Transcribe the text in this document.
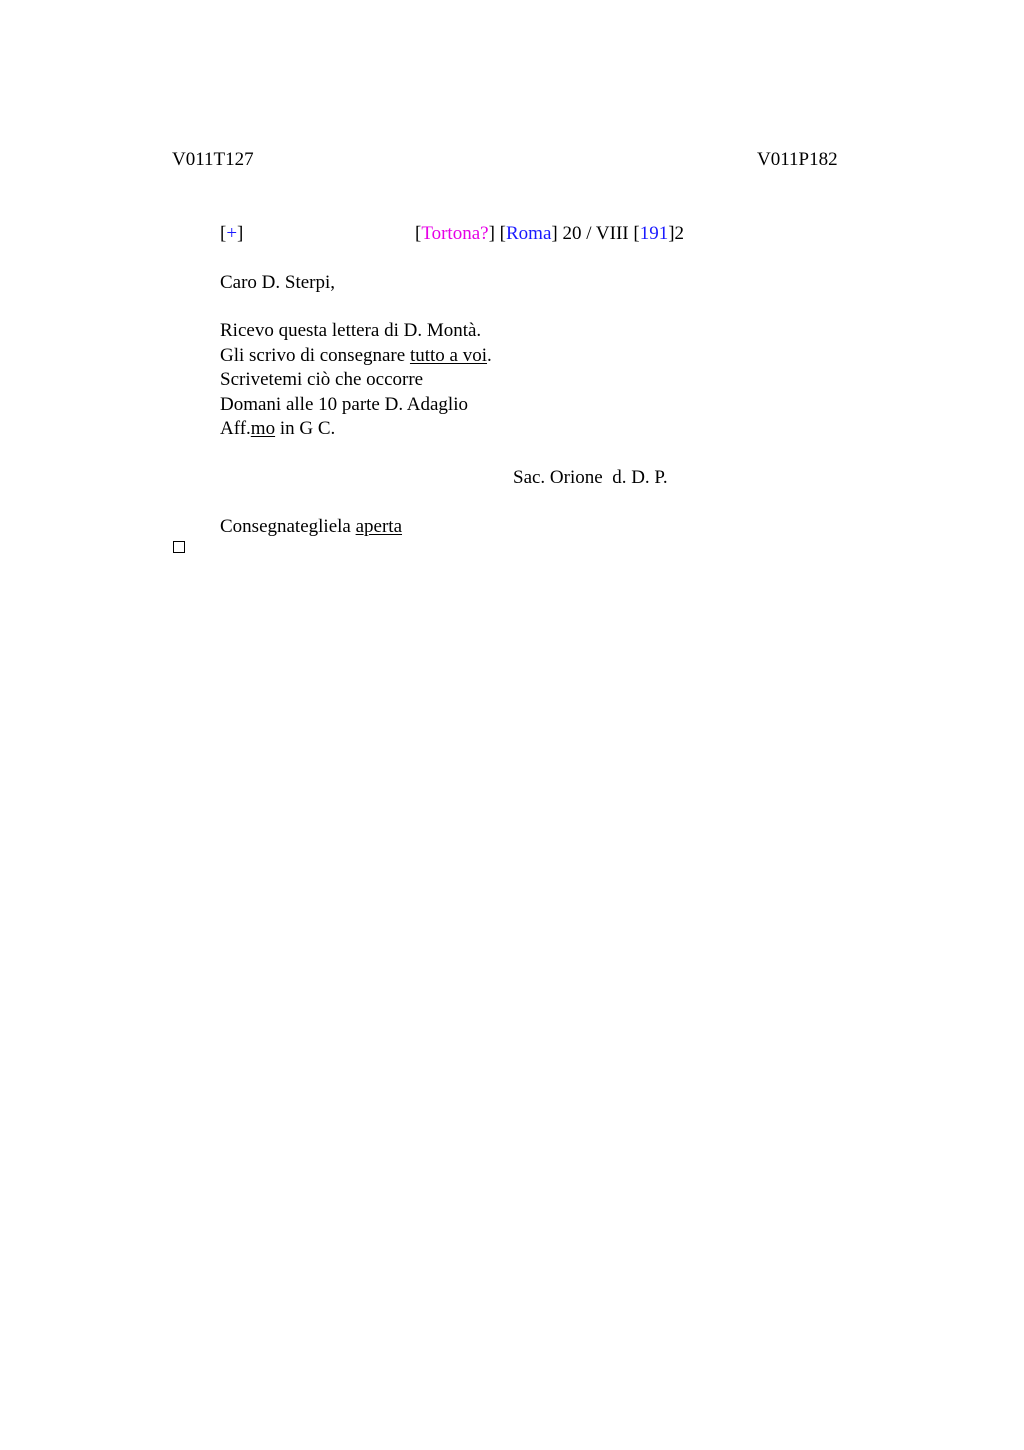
V011T127	V011P182
[+]	[Tortona?] [Roma] 20 / VIII [191]2
Caro D. Sterpi,
Ricevo questa lettera di D. Montà.
Gli scrivo di consegnare tutto a voi.
Scrivetemi ciò che occorre
Domani alle 10 parte D. Adaglio
Aff.mo in G C.
Sac. Orione  d. D. P.
Consegnategliela aperta
